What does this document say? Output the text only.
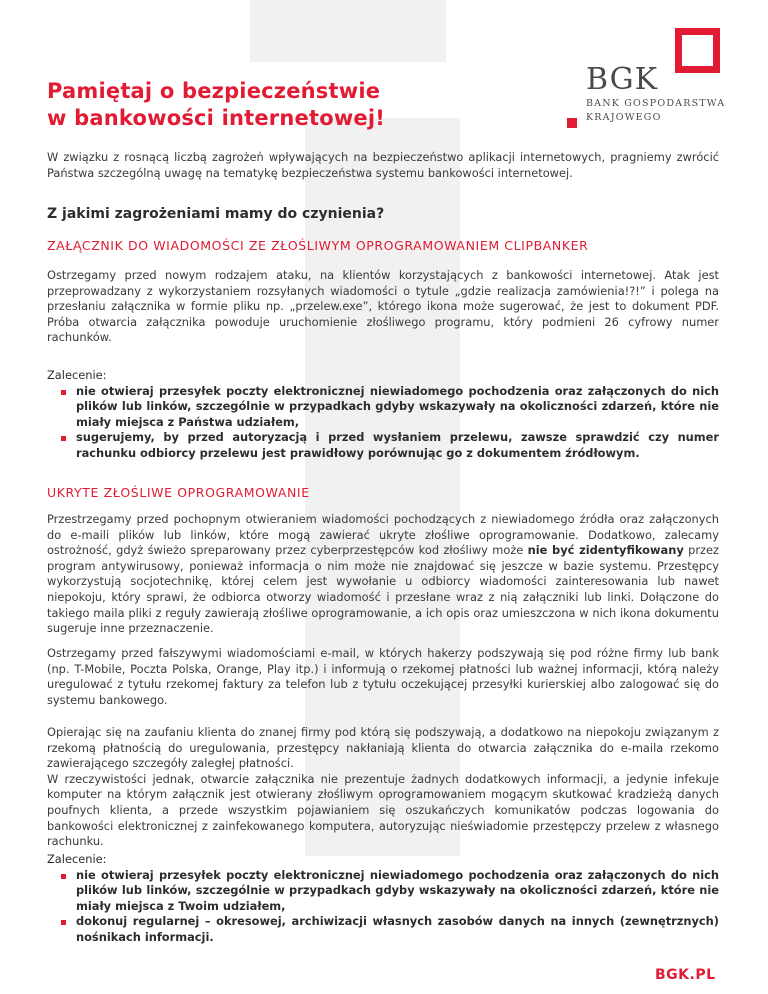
Pamiętaj o bezpieczeństwie
w bankowości internetowej!
BGK
BANK GOSPODARSTWA
KRAJOWEGO

W związku z rosnącą liczbą zagrożeń wpływających na bezpieczeństwo aplikacji internetowych, pragniemy zwrócić Państwa szczególną uwagę na tematykę bezpieczeństwa systemu bankowości internetowej.

Z jakimi zagrożeniami mamy do czynienia?
ZAŁĄCZNIK DO WIADOMOŚCI ZE ZŁOŚLIWYM OPROGRAMOWANIEM CLIPBANKER

Ostrzegamy przed nowym rodzajem ataku, na klientów korzystających z bankowości internetowej. Atak jest przeprowadzany z wykorzystaniem rozsyłanych wiadomości o tytule „gdzie realizacja zamówienia!?!” i polega na przesłaniu załącznika w formie pliku np. „przelew.exe”, którego ikona może sugerować, że jest to dokument PDF. Próba otwarcia załącznika powoduje uruchomienie złośliwego programu, który podmieni 26 cyfrowy numer rachunków.

Zalecenie:
nie otwieraj przesyłek poczty elektronicznej niewiadomego pochodzenia oraz załączonych do nich plików lub linków, szczególnie w przypadkach gdyby wskazywały na okoliczności zdarzeń, które nie miały miejsca z Państwa udziałem,
sugerujemy, by przed autoryzacją i przed wysłaniem przelewu, zawsze sprawdzić czy numer rachunku odbiorcy przelewu jest prawidłowy porównując go z dokumentem źródłowym.
UKRYTE ZŁOŚLIWE OPROGRAMOWANIE

Przestrzegamy przed pochopnym otwieraniem wiadomości pochodzących z niewiadomego źródła oraz załączonych do e-maili plików lub linków, które mogą zawierać ukryte złośliwe oprogramowanie. Dodatkowo, zalecamy ostrożność, gdyż świeżo spreparowany przez cyberprzestępców kod złośliwy może nie być zidentyfikowany przez program antywirusowy, ponieważ informacja o nim może nie znajdować się jeszcze w bazie systemu. Przestępcy wykorzystują socjotechnikę, której celem jest wywołanie u odbiorcy wiadomości zainteresowania lub nawet niepokoju, który sprawi, że odbiorca otworzy wiadomość i przesłane wraz z nią załączniki lub linki. Dołączone do takiego maila pliki z reguły zawierają złośliwe oprogramowanie, a ich opis oraz umieszczona w nich ikona dokumentu sugeruje inne przeznaczenie.

Ostrzegamy przed fałszywymi wiadomościami e-mail, w których hakerzy podszywają się pod różne firmy lub bank (np. T-Mobile, Poczta Polska, Orange, Play itp.) i informują o rzekomej płatności lub ważnej informacji, którą należy uregulować z tytułu rzekomej faktury za telefon lub z tytułu oczekującej przesyłki kurierskiej albo zalogować się do systemu bankowego.

Opierając się na zaufaniu klienta do znanej firmy pod którą się podszywają, a dodatkowo na niepokoju związanym z rzekomą płatnością do uregulowania, przestępcy nakłaniają klienta do otwarcia załącznika do e-maila rzekomo zawierającego szczegóły zaległej płatności.
W rzeczywistości jednak, otwarcie załącznika nie prezentuje żadnych dodatkowych informacji, a jedynie infekuje komputer na którym załącznik jest otwierany złośliwym oprogramowaniem mogącym skutkować kradzieżą danych poufnych klienta, a przede wszystkim pojawianiem się oszukańczych komunikatów podczas logowania do bankowości elektronicznej z zainfekowanego komputera, autoryzując nieświadomie przestępczy przelew z własnego rachunku.
Zalecenie:
nie otwieraj przesyłek poczty elektronicznej niewiadomego pochodzenia oraz załączonych do nich plików lub linków, szczególnie w przypadkach gdyby wskazywały na okoliczności zdarzeń, które nie miały miejsca z Twoim udziałem,
dokonuj regularnej – okresowej, archiwizacji własnych zasobów danych na innych (zewnętrznych) nośnikach informacji.
BGK.PL
